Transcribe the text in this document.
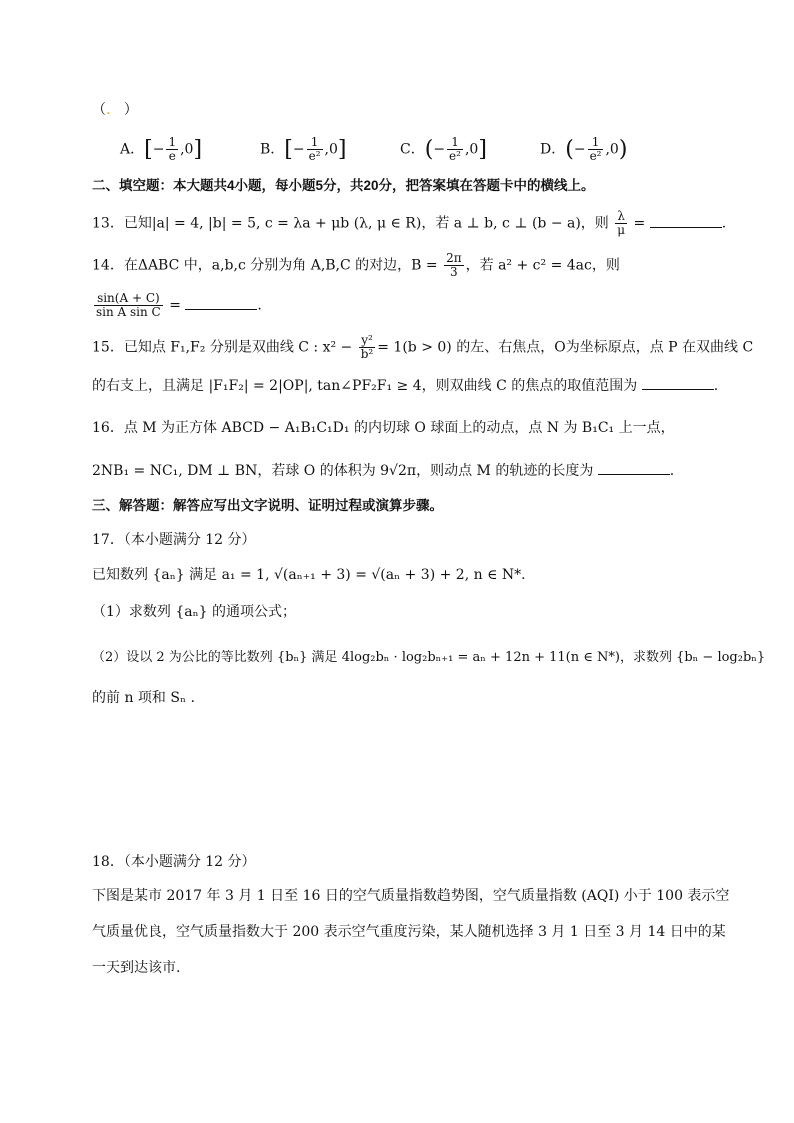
（. ）
A．[− $\frac{1}{e} ,0$]	B．[− $\frac{1}{\text{e²}} ,0$]	C．(− $\frac{1}{\text{e²}} ,0$]	D．(− $\frac{1}{\text{e²}} ,0$)
二、填空题：本大题共4小题，每小题5分，共20分，把答案填在答题卡中的横线上。
13．已知|a| = 4, |b| = 5, c = λa + μb (λ, μ ∈ R)，若 a ⊥ b, c ⊥ (b − a)，则 $\frac{\lambda}{\mu}$ =	.
14．在ΔABC 中，a,b,c 分别为角 A,B,C 的对边，$B = \frac{2\pi}{3}$ ，若 a² + c² = 4ac，则
$\frac{\sin(A + C)}{\text{sin A sin C}}$ =	.
15．已知点 F₁,F₂ 分别是双曲线 C : $x^2 - \frac{\text{y²}}{\text{b²}} = 1(b > 0)$ 的左、右焦点，O为坐标原点，点 P 在双曲线 C
的右支上，且满足 |F₁F₂| = 2|OP|, tan∠PF₂F₁ ≥ 4，则双曲线 C 的焦点的取值范围为	.
16．点 M 为正方体 ABCD − A₁B₁C₁D₁ 的内切球 O 球面上的动点，点 N 为 B₁C₁ 上一点，
2NB₁ = NC₁, DM ⊥ BN，若球 O 的体积为 9√2π，则动点 M 的轨迹的长度为	.
三、解答题：解答应写出文字说明、证明过程或演算步骤。
17．（本小题满分 12 分）
已知数列 {aₙ} 满足 a₁ = 1, √(aₙ₊₁ + 3) = √(aₙ + 3) + 2, n ∈ N*.
（1）求数列 {aₙ} 的通项公式；
（2）设以 2 为公比的等比数列 {bₙ} 满足 4log₂bₙ · log₂bₙ₊₁ = aₙ + 12n + 11(n ∈ N*)，求数列 {bₙ − log₂bₙ}
的前 n 项和 Sₙ .
18．（本小题满分 12 分）
下图是某市 2017 年 3 月 1 日至 16 日的空气质量指数趋势图，空气质量指数 (AQI) 小于 100 表示空
气质量优良，空气质量指数大于 200 表示空气重度污染，某人随机选择 3 月 1 日至 3 月 14 日中的某
一天到达该市.
